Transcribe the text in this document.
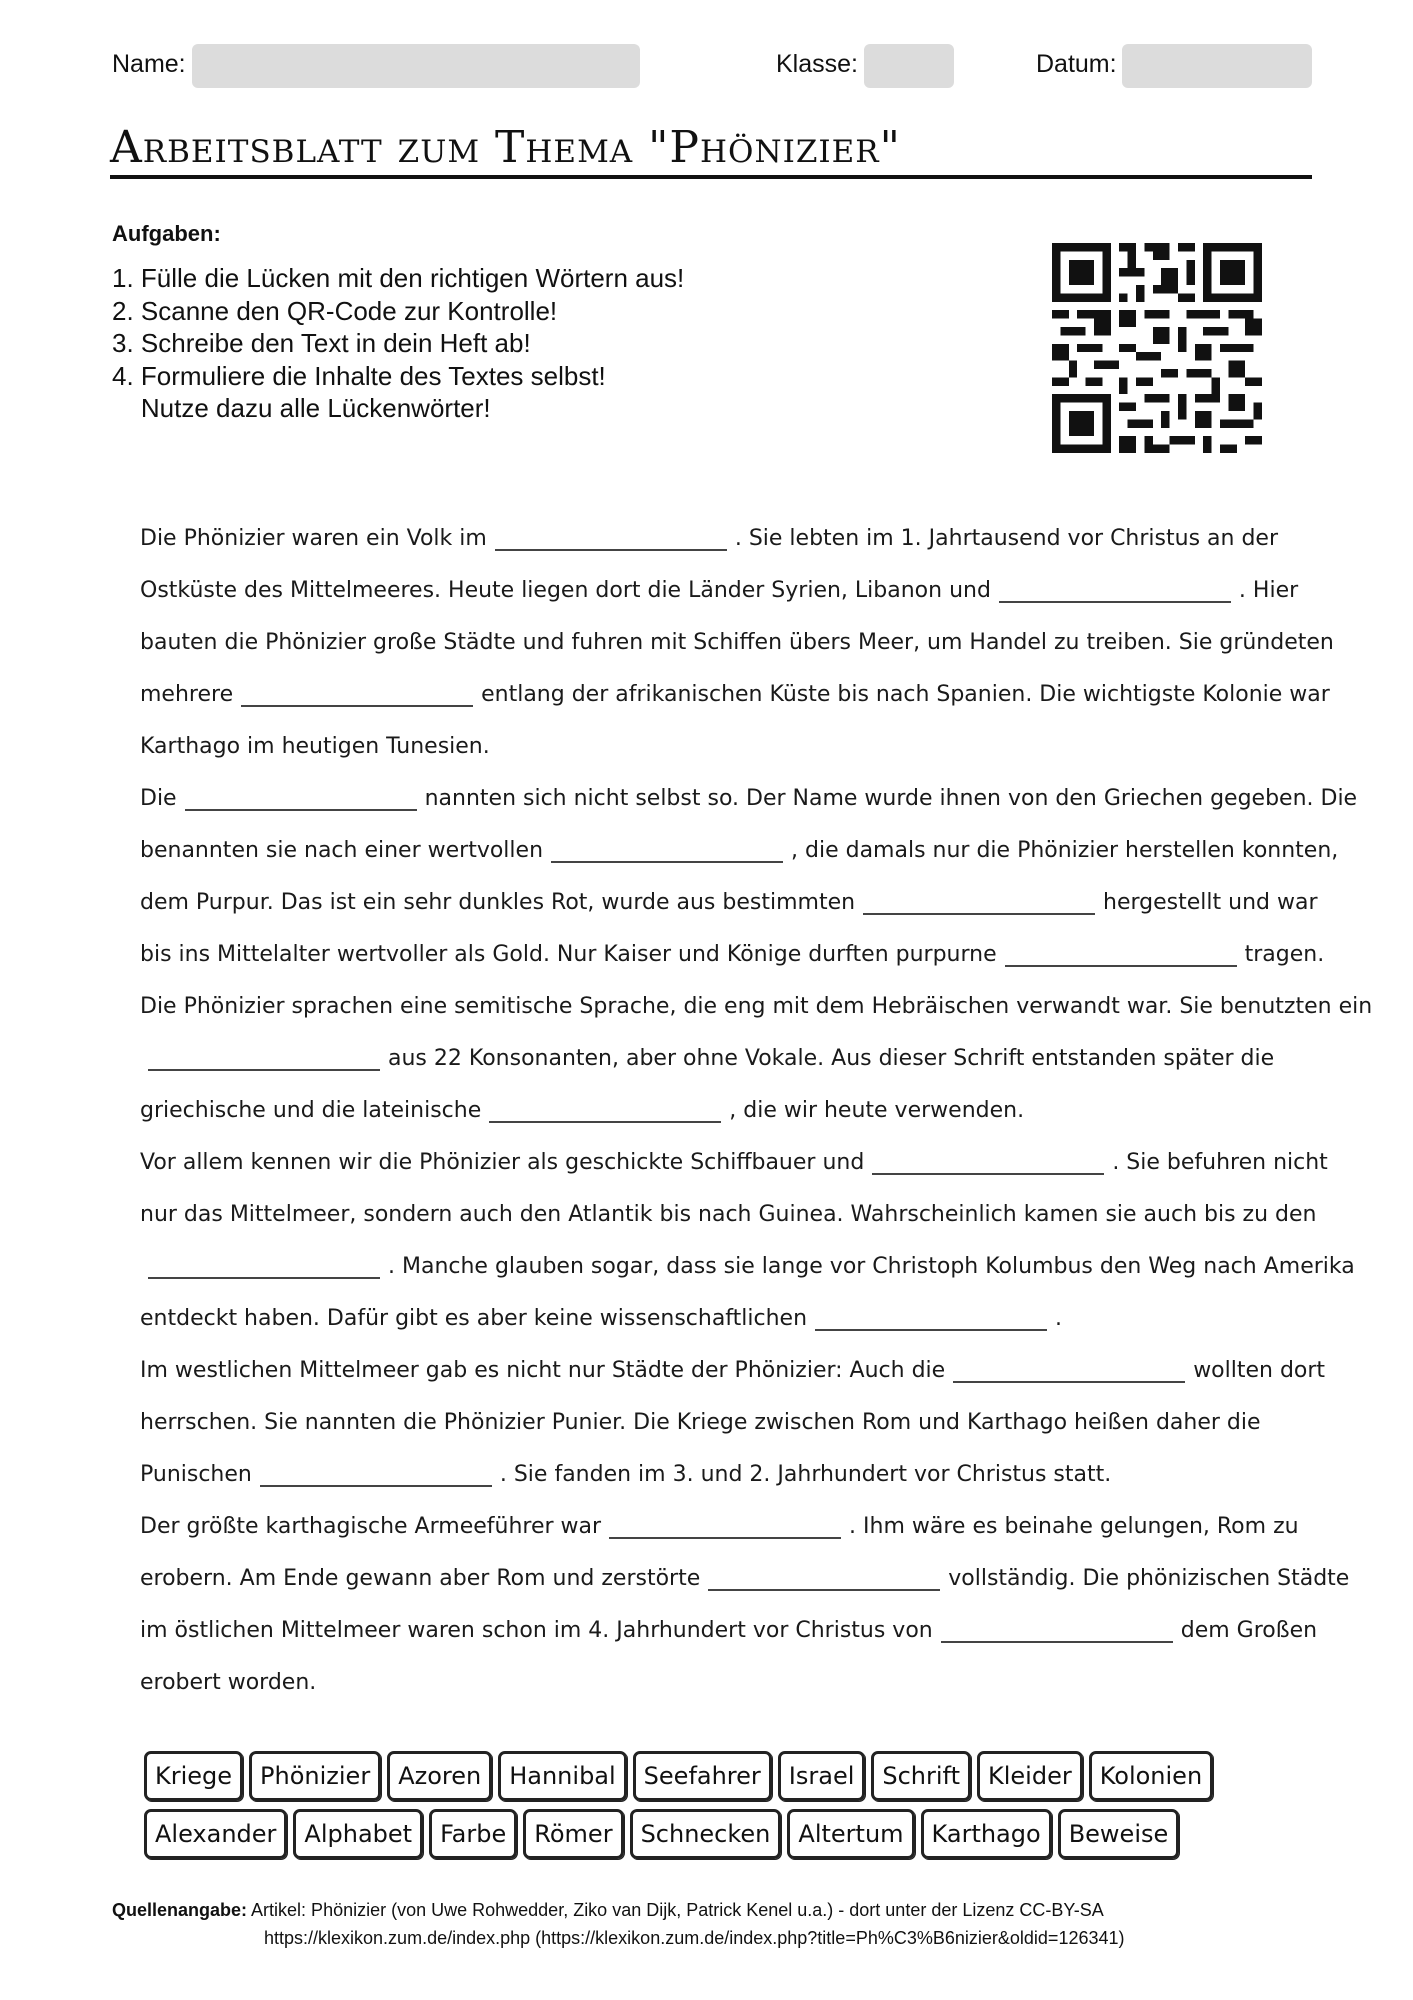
Name:	Klasse:	Datum:
Arbeitsblatt zum Thema "Phönizier"
Aufgaben:
1. Fülle die Lücken mit den richtigen Wörtern aus!
2. Scanne den QR-Code zur Kontrolle!
3. Schreibe den Text in dein Heft ab!
4. Formuliere die Inhalte des Textes selbst!
Nutze dazu alle Lückenwörter!
Die Phönizier waren ein Volk im	. Sie lebten im 1. Jahrtausend vor Christus an der
Ostküste des Mittelmeeres. Heute liegen dort die Länder Syrien, Libanon und	. Hier
bauten die Phönizier große Städte und fuhren mit Schiffen übers Meer, um Handel zu treiben. Sie gründeten
mehrere	entlang der afrikanischen Küste bis nach Spanien. Die wichtigste Kolonie war
Karthago im heutigen Tunesien.
Die	nannten sich nicht selbst so. Der Name wurde ihnen von den Griechen gegeben. Die
benannten sie nach einer wertvollen	, die damals nur die Phönizier herstellen konnten,
dem Purpur. Das ist ein sehr dunkles Rot, wurde aus bestimmten	hergestellt und war
bis ins Mittelalter wertvoller als Gold. Nur Kaiser und Könige durften purpurne	tragen.
Die Phönizier sprachen eine semitische Sprache, die eng mit dem Hebräischen verwandt war. Sie benutzten ein
aus 22 Konsonanten, aber ohne Vokale. Aus dieser Schrift entstanden später die
griechische und die lateinische	, die wir heute verwenden.
Vor allem kennen wir die Phönizier als geschickte Schiffbauer und	. Sie befuhren nicht
nur das Mittelmeer, sondern auch den Atlantik bis nach Guinea. Wahrscheinlich kamen sie auch bis zu den
. Manche glauben sogar, dass sie lange vor Christoph Kolumbus den Weg nach Amerika
entdeckt haben. Dafür gibt es aber keine wissenschaftlichen	.
Im westlichen Mittelmeer gab es nicht nur Städte der Phönizier: Auch die	wollten dort
herrschen. Sie nannten die Phönizier Punier. Die Kriege zwischen Rom und Karthago heißen daher die
Punischen	. Sie fanden im 3. und 2. Jahrhundert vor Christus statt.
Der größte karthagische Armeeführer war	. Ihm wäre es beinahe gelungen, Rom zu
erobern. Am Ende gewann aber Rom und zerstörte	vollständig. Die phönizischen Städte
im östlichen Mittelmeer waren schon im 4. Jahrhundert vor Christus von	dem Großen
erobert worden.
Kriege	Phönizier	Azoren	Hannibal	Seefahrer	Israel	Schrift	Kleider	Kolonien
Alexander	Alphabet	Farbe	Römer	Schnecken	Altertum	Karthago	Beweise
Quellenangabe: Artikel: Phönizier (von Uwe Rohwedder, Ziko van Dijk, Patrick Kenel u.a.) - dort unter der Lizenz CC-BY-SA
https://klexikon.zum.de/index.php (https://klexikon.zum.de/index.php?title=Ph%C3%B6nizier&oldid=126341)
